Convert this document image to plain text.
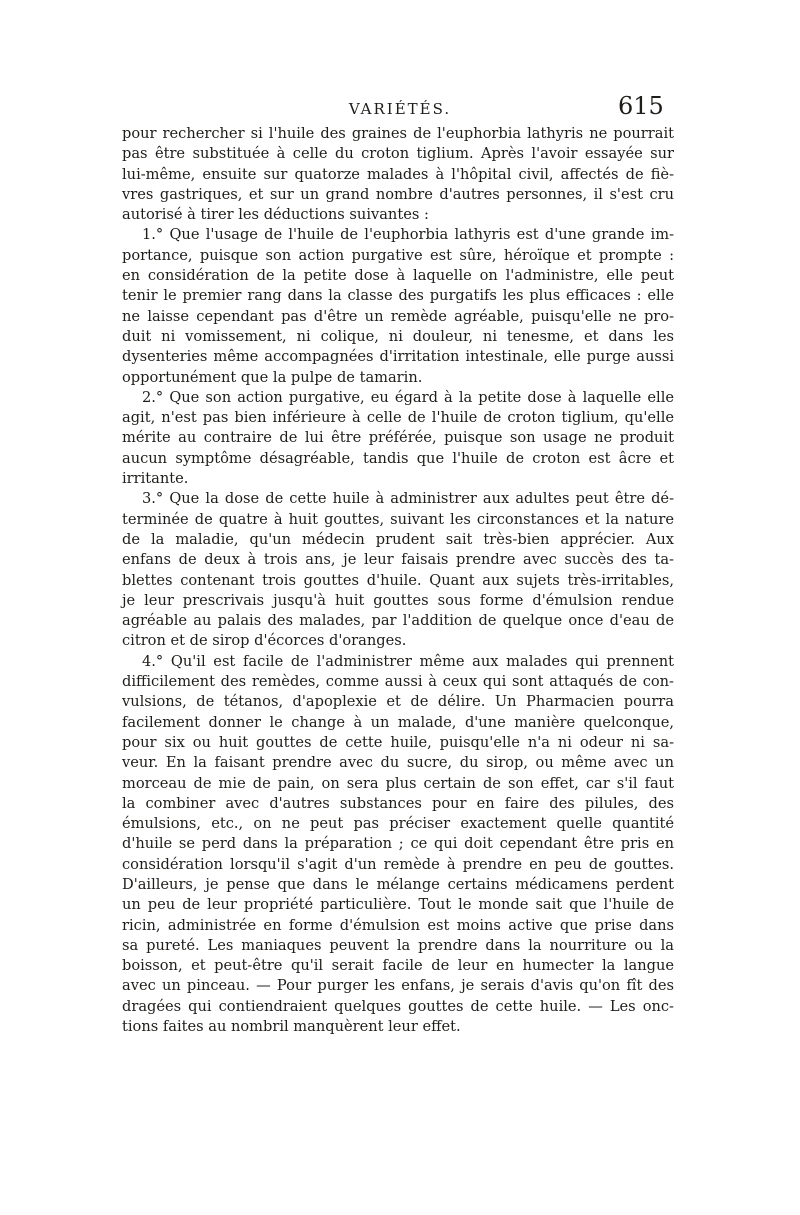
VARIÉTÉS.	615
pour rechercher si l'huile des graines de l'euphorbia lathyris ne pourrait
pas être substituée à celle du croton tiglium. Après l'avoir essayée sur
lui-même, ensuite sur quatorze malades à l'hôpital civil, affectés de fiè-
vres gastriques, et sur un grand nombre d'autres personnes, il s'est cru
autorisé à tirer les déductions suivantes :
1.° Que l'usage de l'huile de l'euphorbia lathyris est d'une grande im-
portance, puisque son action purgative est sûre, héroïque et prompte :
en considération de la petite dose à laquelle on l'administre, elle peut
tenir le premier rang dans la classe des purgatifs les plus efficaces : elle
ne laisse cependant pas d'être un remède agréable, puisqu'elle ne pro-
duit ni vomissement, ni colique, ni douleur, ni tenesme, et dans les
dysenteries même accompagnées d'irritation intestinale, elle purge aussi
opportunément que la pulpe de tamarin.
2.° Que son action purgative, eu égard à la petite dose à laquelle elle
agit, n'est pas bien inférieure à celle de l'huile de croton tiglium, qu'elle
mérite au contraire de lui être préférée, puisque son usage ne produit
aucun symptôme désagréable, tandis que l'huile de croton est âcre et
irritante.
3.° Que la dose de cette huile à administrer aux adultes peut être dé-
terminée de quatre à huit gouttes, suivant les circonstances et la nature
de la maladie, qu'un médecin prudent sait très-bien apprécier. Aux
enfans de deux à trois ans, je leur faisais prendre avec succès des ta-
blettes contenant trois gouttes d'huile. Quant aux sujets très-irritables,
je leur prescrivais jusqu'à huit gouttes sous forme d'émulsion rendue
agréable au palais des malades, par l'addition de quelque once d'eau de
citron et de sirop d'écorces d'oranges.
4.° Qu'il est facile de l'administrer même aux malades qui prennent
difficilement des remèdes, comme aussi à ceux qui sont attaqués de con-
vulsions, de tétanos, d'apoplexie et de délire. Un Pharmacien pourra
facilement donner le change à un malade, d'une manière quelconque,
pour six ou huit gouttes de cette huile, puisqu'elle n'a ni odeur ni sa-
veur. En la faisant prendre avec du sucre, du sirop, ou même avec un
morceau de mie de pain, on sera plus certain de son effet, car s'il faut
la combiner avec d'autres substances pour en faire des pilules, des
émulsions, etc., on ne peut pas préciser exactement quelle quantité
d'huile se perd dans la préparation ; ce qui doit cependant être pris en
considération lorsqu'il s'agit d'un remède à prendre en peu de gouttes.
D'ailleurs, je pense que dans le mélange certains médicamens perdent
un peu de leur propriété particulière. Tout le monde sait que l'huile de
ricin, administrée en forme d'émulsion est moins active que prise dans
sa pureté. Les maniaques peuvent la prendre dans la nourriture ou la
boisson, et peut-être qu'il serait facile de leur en humecter la langue
avec un pinceau. — Pour purger les enfans, je serais d'avis qu'on fît des
dragées qui contiendraient quelques gouttes de cette huile. — Les onc-
tions faites au nombril manquèrent leur effet.
